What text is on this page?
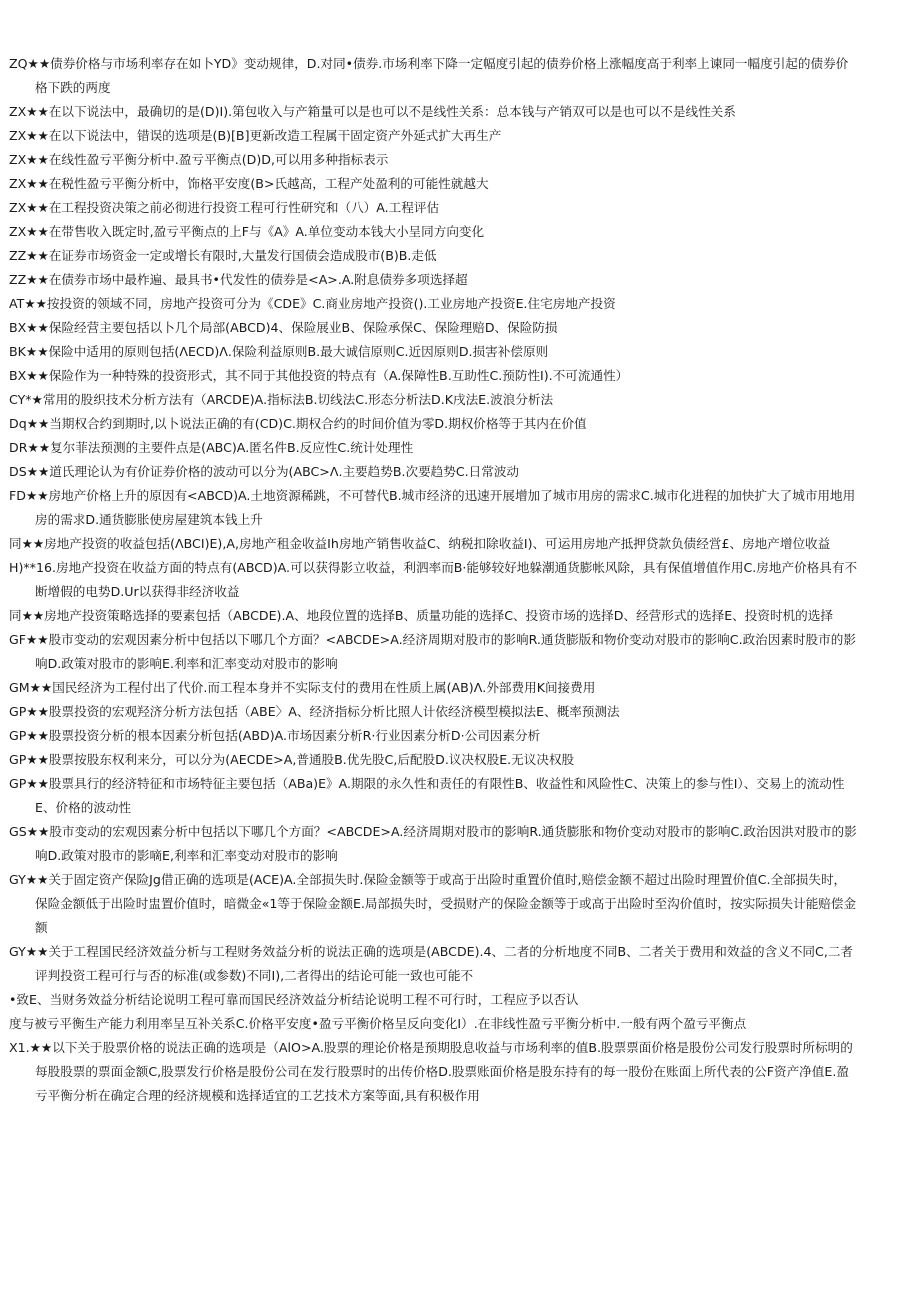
ZQ★★债券价格与市场利率存在如卜YD》变动规律，D.对同•债券.市场利率下降一定幅度引起的债券价格上涨幅度高于利率上谏同一幅度引起的债券价格下跌的两度

ZX★★在以下说法中，最确切的是(D)I).第包收入与产箱量可以是也可以不是线性关系：总本钱与产销双可以是也可以不是线性关系

ZX★★在以下说法中，错误的选项是(B)[B]更新改造工程属干固定资产外延式扩大再生产

ZX★★在线性盈亏平衡分析中.盈亏平衡点(D)D,可以用多种指标表示

ZX★★在税性盈亏平衡分析中，饰格平安度(B>氏越高，工程产处盈利的可能性就越大

ZX★★在工程投资决策之前必彻进行投资工程可行性研究和（八）A.工程评估

ZX★★在带售收入既定时,盈亏平衡点的上F与《A》A.单位变动本钱大小呈同方向变化

ZZ★★在证券市场资金一定或增长有限时,大量发行国债会造成股市(B)B.走低

ZZ★★在债券市场中最柞遍、最具书•代发性的债券是<A>.A.附息债券多项选择超

AT★★按投资的领域不同，房地产投资可分为《CDE》C.商业房地产投资().工业房地产投资E.住宅房地产投资

BX★★保险经营主要包括以卜几个局部(ABCD)4、保险展业B、保险承保C、保险理赔D、保险防损

BK★★保险中适用的原则包括(ΛECD)Λ.保险利益原则B.最大诚信原则C.近因原则D.损害补偿原则

BX★★保险作为一种特殊的投资形式，其不同于其他投资的特点有（A.保障性B.互助性C.预防性I).不可流通性）

CY*★常用的股织技术分析方法有（ARCDE)A.指标法B.切线法C.形态分析法D.K戌法E.波浪分析法

Dq★★当期权合约到期时,以卜说法正确的有(CD)C.期权合约的时间价值为零D.期权价格等于其内在价值

DR★★复尔菲法预测的主要件点是(ABC)A.匿名件B.反应性C.统计处理性

DS★★道氏理论认为有价证券价格的波动可以分为(ABC>Λ.主要趋势B.次要趋势C.日常波动

FD★★房地产价格上升的原因有<ABCD)A.土地资源稀跳，不可替代B.城市经济的迅速开展增加了城市用房的需求C.城市化进程的加快扩大了城市用地用房的需求D.通货膨胀使房屋建筑本钱上升

同★★房地产投资的收益包括(ΛBCI)E),A,房地产租金收益Ih房地产销售收益C、纳税扣除收益I)、可运用房地产抵押贷款负债经営£、房地产增位收益

H)**16.房地产投资在收益方面的特点有(ABCD)A.可以获得影立收益，利泗率而B·能够较好地躲潮通货膨帐风除，具有保值增值作用C.房地产价格具有不断增假的电势D.Ur以获得非经济收益

同★★房地产投资策略选择的要素包括（ABCDE).A、地段位置的选择B、质量功能的选择C、投资市场的选择D、经营形式的选择E、投资时机的选择

GF★★股市变动的宏观因素分析中包括以下哪几个方面？<ABCDE>A.经济周期对股市的影响R.通货膨版和物价变动对股市的影响C.政治因素时股市的影响D.政策对股市的影响E.利率和汇率变动对股市的影响

GM★★国民经济为工程付出了代价.而工程本身并不实际支付的费用在性质上属(AB)Λ.外部费用K间接费用

GP★★股票投资的宏观羟济分析方法包括（ABE〉A、经济指标分析比照人计依经济模型模拟法E、概率预测法

GP★★股票投资分析的根本因素分析包括(ABD)A.市场因素分析R·行业因素分析D·公司因素分析

GP★★股票按股东权利来分，可以分为(AECDE>A,普通股B.优先股C,后配股D.议决权股E.无议决权股

GP★★股票具行的经济特征和市场特征主要包括（ABa)E》A.期限的永久性和责任的有限性B、收益性和风险性C、决策上的参与性I）、交易上的流动性E、价格的波动性

GS★★股市变动的宏观因素分析中包括以下哪几个方面？<ABCDE>A.经济周期对股市的影响R.通货膨胀和物价变动对股市的影响C.政治因洪对股市的影响D.政策对股市的影嘀E,利率和汇率变动对股市的影响

GY★★关于固定资产保险Jg借正确的选项是(ACE)A.全部损失时.保险金额等于或高于出险时重置价值时,赔偿金额不超过出险时理置价值C.全部损失时，保险金额低于出险时盅置价值时，暗微金«1等于保险金额E.局部损失时，受损财产的保险金额等于或高于出险时至沟价值时，按实际损失计能赔偿金额

GY★★关于工程国民经济效益分析与工程财务效益分析的说法正确的选项是(ABCDE).4、二者的分析地度不同B、二者关于费用和效益的含义不同C,二者评判投资工程可行与否的标准(或参数)不同I),二者得出的结论可能一致也可能不

•致E、当财务效益分析结论说明工程可靠而国民经济效益分析结论说明工程不可行时，工程应予以否认

度与被亏平衡生产能力利用率呈互补关系C.价格平安度•盈亏平衡价格呈反向变化I）.在非线性盈亏平衡分析中.一般有两个盈亏平衡点

X1.★★以下关于股票价格的说法正确的选项是（AlO>A.股票的理论价格是预期股息收益与市场利率的值B.股票票面价格是股份公司发行股票时所标明的每股股票的票面金额C,股票发行价格是股份公司在发行股票时的出传价格D.股票账面价格是股东持有的每一股份在账面上所代表的公F资产净值E.盈亏平衡分析在确定合理的经济规模和选择适宜的工艺技术方案等面,具有积极作用
